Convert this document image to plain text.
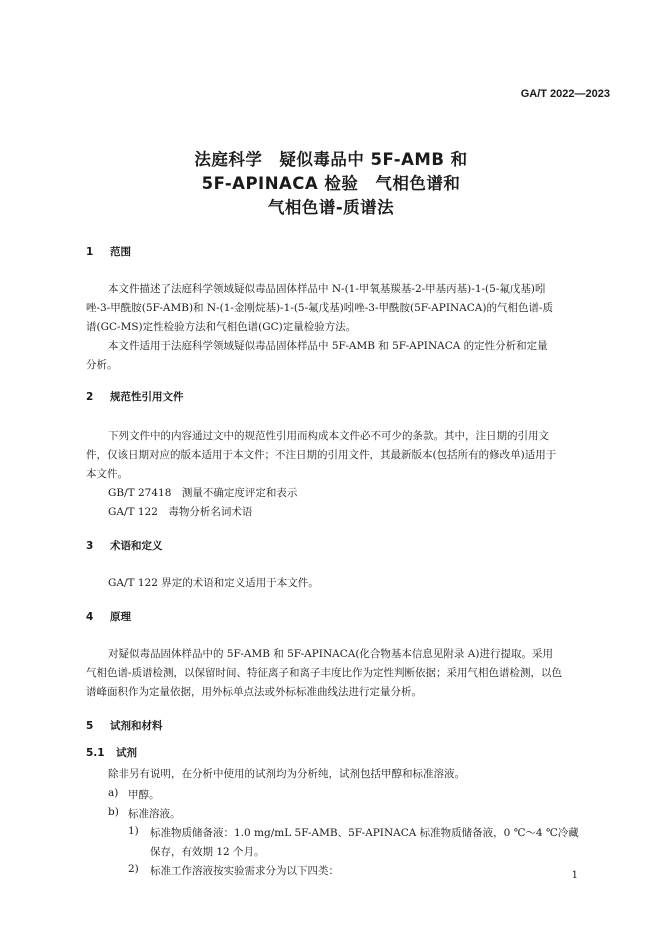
GA/T 2022—2023
法庭科学　疑似毒品中 5F-AMB 和
5F-APINACA 检验　气相色谱和
气相色谱-质谱法
1 范围
本文件描述了法庭科学领域疑似毒品固体样品中 N-(1-甲氧基羰基-2-甲基丙基)-1-(5-氟戊基)吲
唑-3-甲酰胺(5F-AMB)和 N-(1-金刚烷基)-1-(5-氟戊基)吲唑-3-甲酰胺(5F-APINACA)的气相色谱-质
谱(GC-MS)定性检验方法和气相色谱(GC)定量检验方法。
本文件适用于法庭科学领域疑似毒品固体样品中 5F-AMB 和 5F-APINACA 的定性分析和定量
分析。
2 规范性引用文件
下列文件中的内容通过文中的规范性引用而构成本文件必不可少的条款。其中，注日期的引用文
件，仅该日期对应的版本适用于本文件；不注日期的引用文件，其最新版本(包括所有的修改单)适用于
本文件。
GB/T 27418　测量不确定度评定和表示
GA/T 122　毒物分析名词术语
3 术语和定义
GA/T 122 界定的术语和定义适用于本文件。
4 原理
对疑似毒品固体样品中的 5F-AMB 和 5F-APINACA(化合物基本信息见附录 A)进行提取。采用
气相色谱-质谱检测，以保留时间、特征离子和离子丰度比作为定性判断依据；采用气相色谱检测，以色
谱峰面积作为定量依据，用外标单点法或外标标准曲线法进行定量分析。
5 试剂和材料
5.1 试剂
除非另有说明，在分析中使用的试剂均为分析纯，试剂包括甲醇和标准溶液。
a) 甲醇。
b) 标准溶液。
1) 标准物质储备液：1.0 mg/mL 5F-AMB、5F-APINACA 标准物质储备液，0 ℃～4 ℃冷藏
保存，有效期 12 个月。
2) 标准工作溶液按实验需求分为以下四类：	1
